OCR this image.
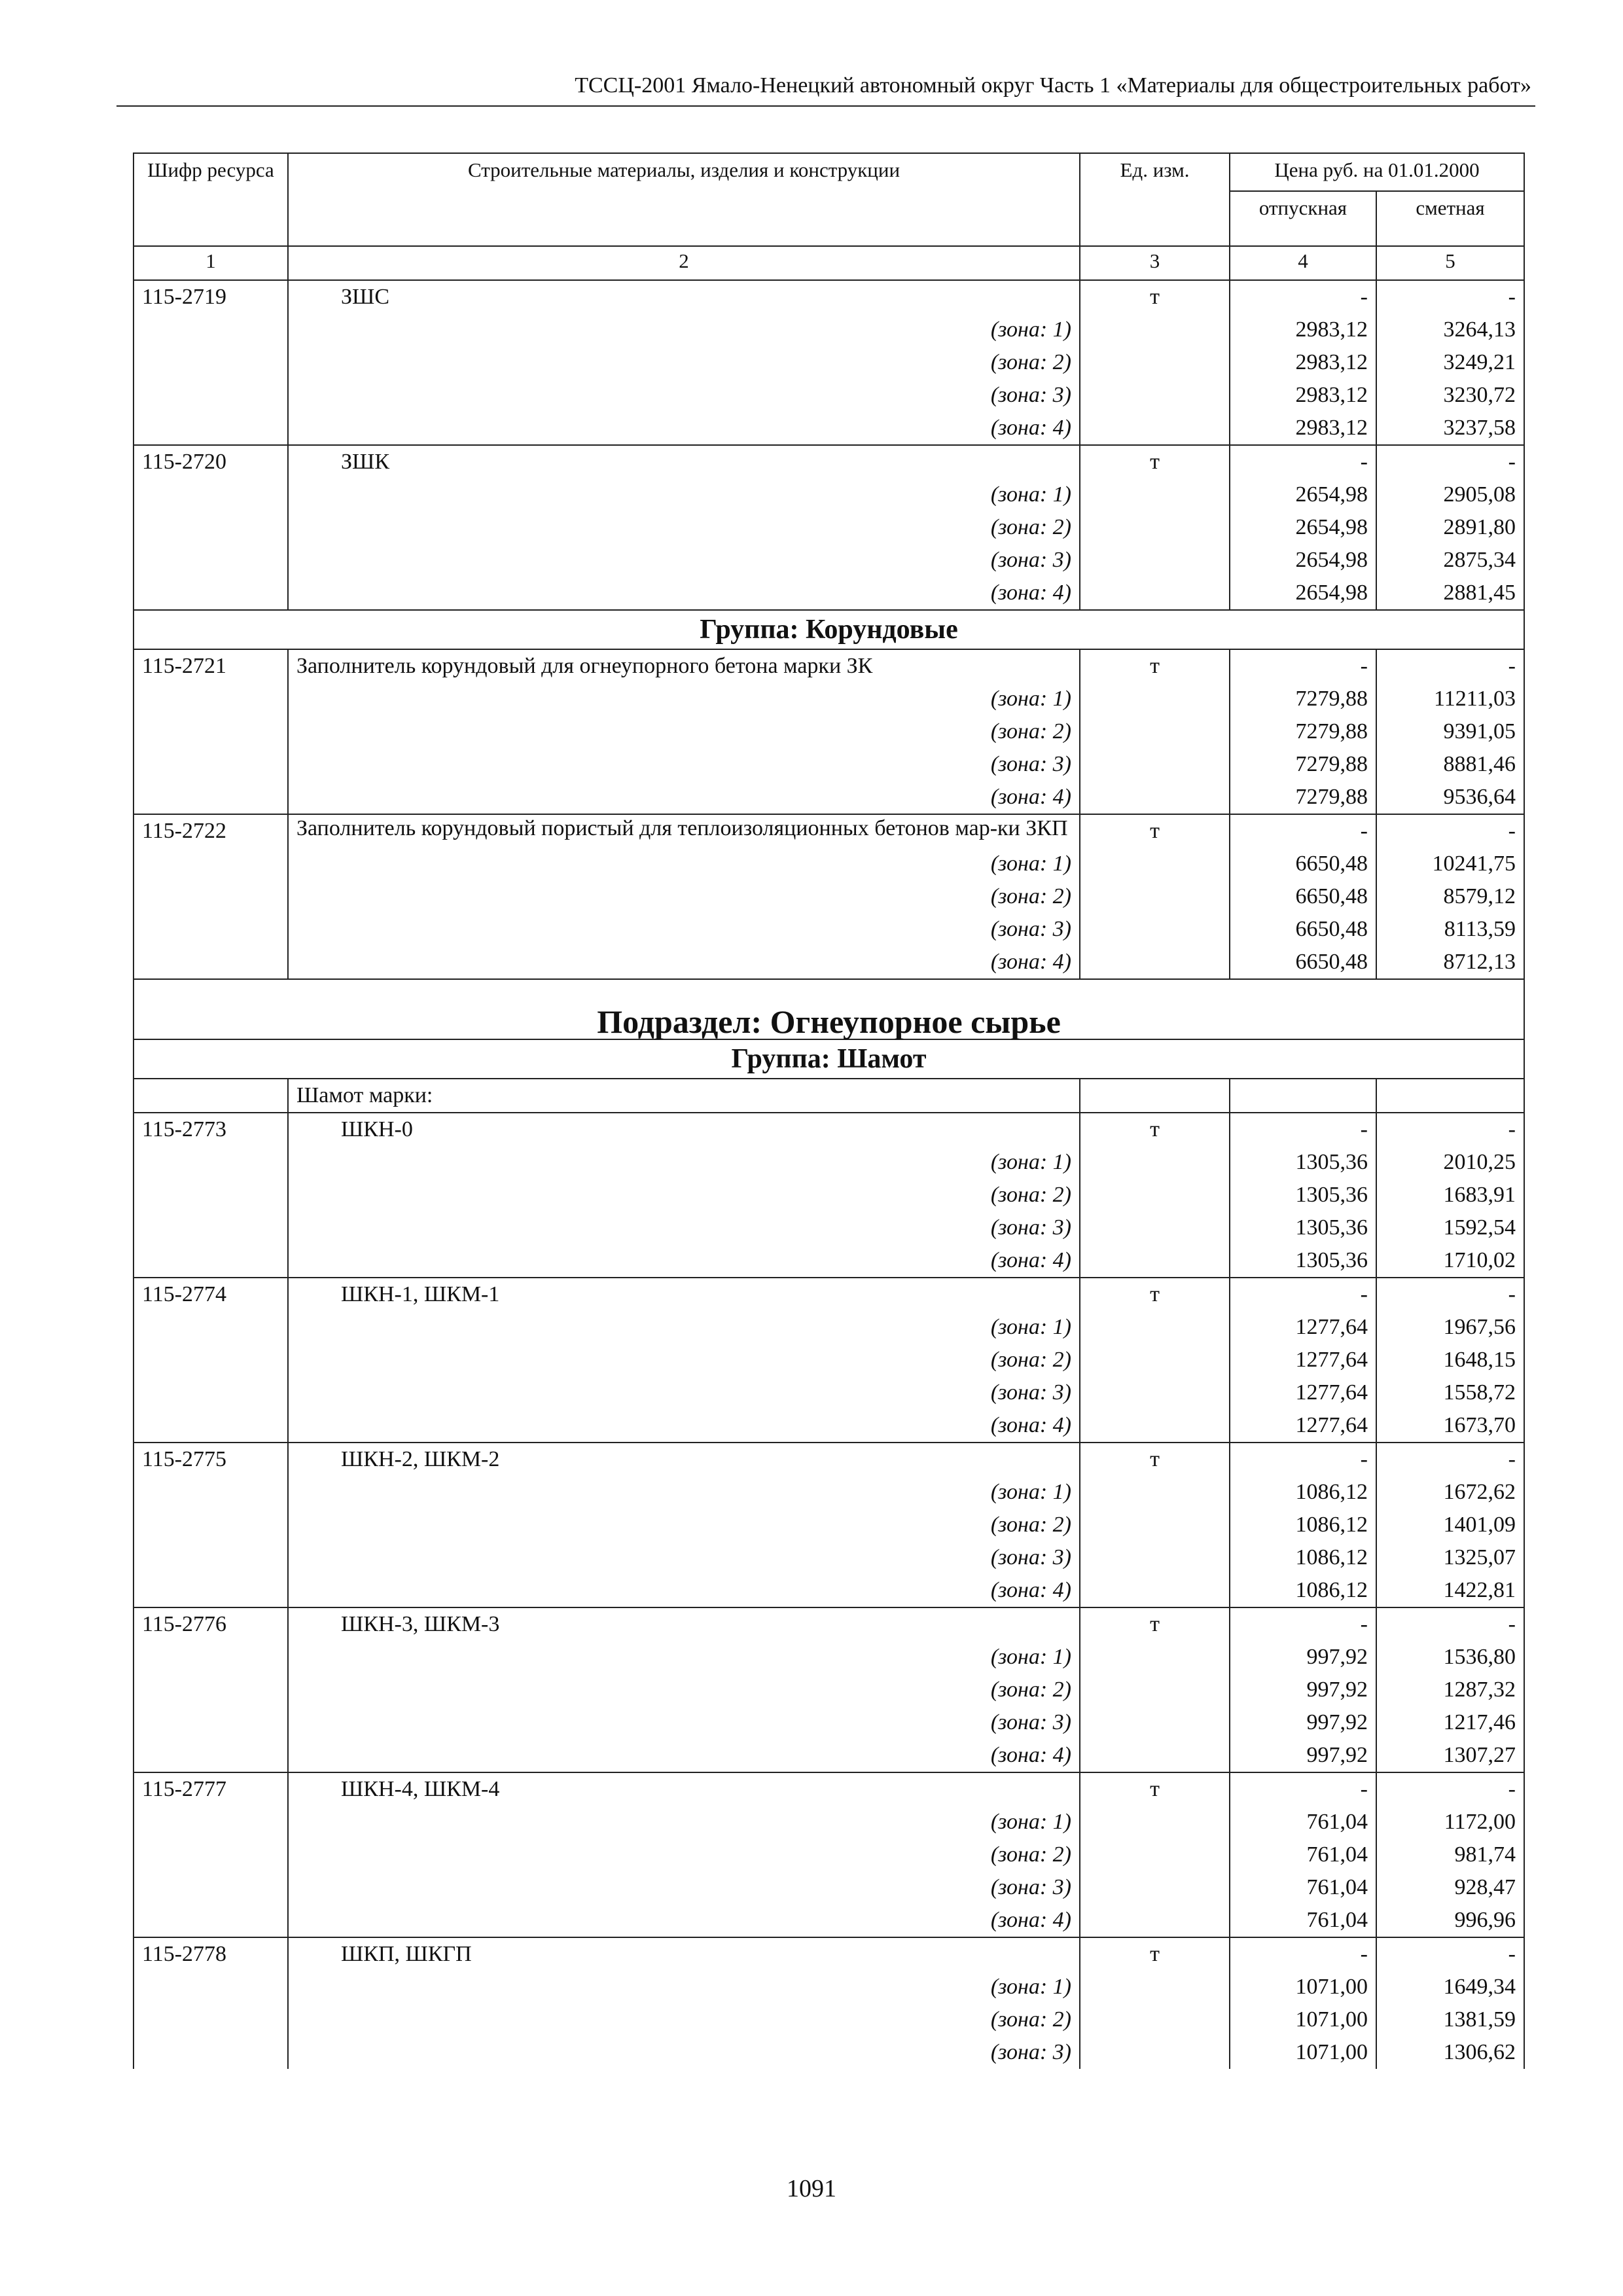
ТССЦ-2001 Ямало-Ненецкий автономный округ Часть 1 «Материалы для общестроительных работ»
Шифр ресурса	Строительные материалы, изделия и конструкции	Ед. изм.	Цена руб. на 01.01.2000	
			отпускная	сметная
1	2	3	4	5
115-2719	ЗШС	т	-	-
	(зона: 1)		2983,12	3264,13
	(зона: 2)		2983,12	3249,21
	(зона: 3)		2983,12	3230,72
	(зона: 4)		2983,12	3237,58
115-2720	ЗШК	т	-	-
	(зона: 1)		2654,98	2905,08
	(зона: 2)		2654,98	2891,80
	(зона: 3)		2654,98	2875,34
	(зона: 4)		2654,98	2881,45
Группа: Корундовые				
115-2721	Заполнитель корундовый для огнеупорного бетона марки ЗК	т	-	-
	(зона: 1)		7279,88	11211,03
	(зона: 2)		7279,88	9391,05
	(зона: 3)		7279,88	8881,46
	(зона: 4)		7279,88	9536,64
115-2722	Заполнитель корундовый пористый для теплоизоляционных бетонов мар-ки ЗКП	т	-	-
	(зона: 1)		6650,48	10241,75
	(зона: 2)		6650,48	8579,12
	(зона: 3)		6650,48	8113,59
	(зона: 4)		6650,48	8712,13
Подраздел: Огнеупорное сырье				
Группа: Шамот				
	Шамот марки:			
115-2773	ШКН-0	т	-	-
	(зона: 1)		1305,36	2010,25
	(зона: 2)		1305,36	1683,91
	(зона: 3)		1305,36	1592,54
	(зона: 4)		1305,36	1710,02
115-2774	ШКН-1, ШКМ-1	т	-	-
	(зона: 1)		1277,64	1967,56
	(зона: 2)		1277,64	1648,15
	(зона: 3)		1277,64	1558,72
	(зона: 4)		1277,64	1673,70
115-2775	ШКН-2, ШКМ-2	т	-	-
	(зона: 1)		1086,12	1672,62
	(зона: 2)		1086,12	1401,09
	(зона: 3)		1086,12	1325,07
	(зона: 4)		1086,12	1422,81
115-2776	ШКН-3, ШКМ-3	т	-	-
	(зона: 1)		997,92	1536,80
	(зона: 2)		997,92	1287,32
	(зона: 3)		997,92	1217,46
	(зона: 4)		997,92	1307,27
115-2777	ШКН-4, ШКМ-4	т	-	-
	(зона: 1)		761,04	1172,00
	(зона: 2)		761,04	981,74
	(зона: 3)		761,04	928,47
	(зона: 4)		761,04	996,96
115-2778	ШКП, ШКГП	т	-	-
	(зона: 1)		1071,00	1649,34
	(зона: 2)		1071,00	1381,59
	(зона: 3)		1071,00	1306,62
1091
